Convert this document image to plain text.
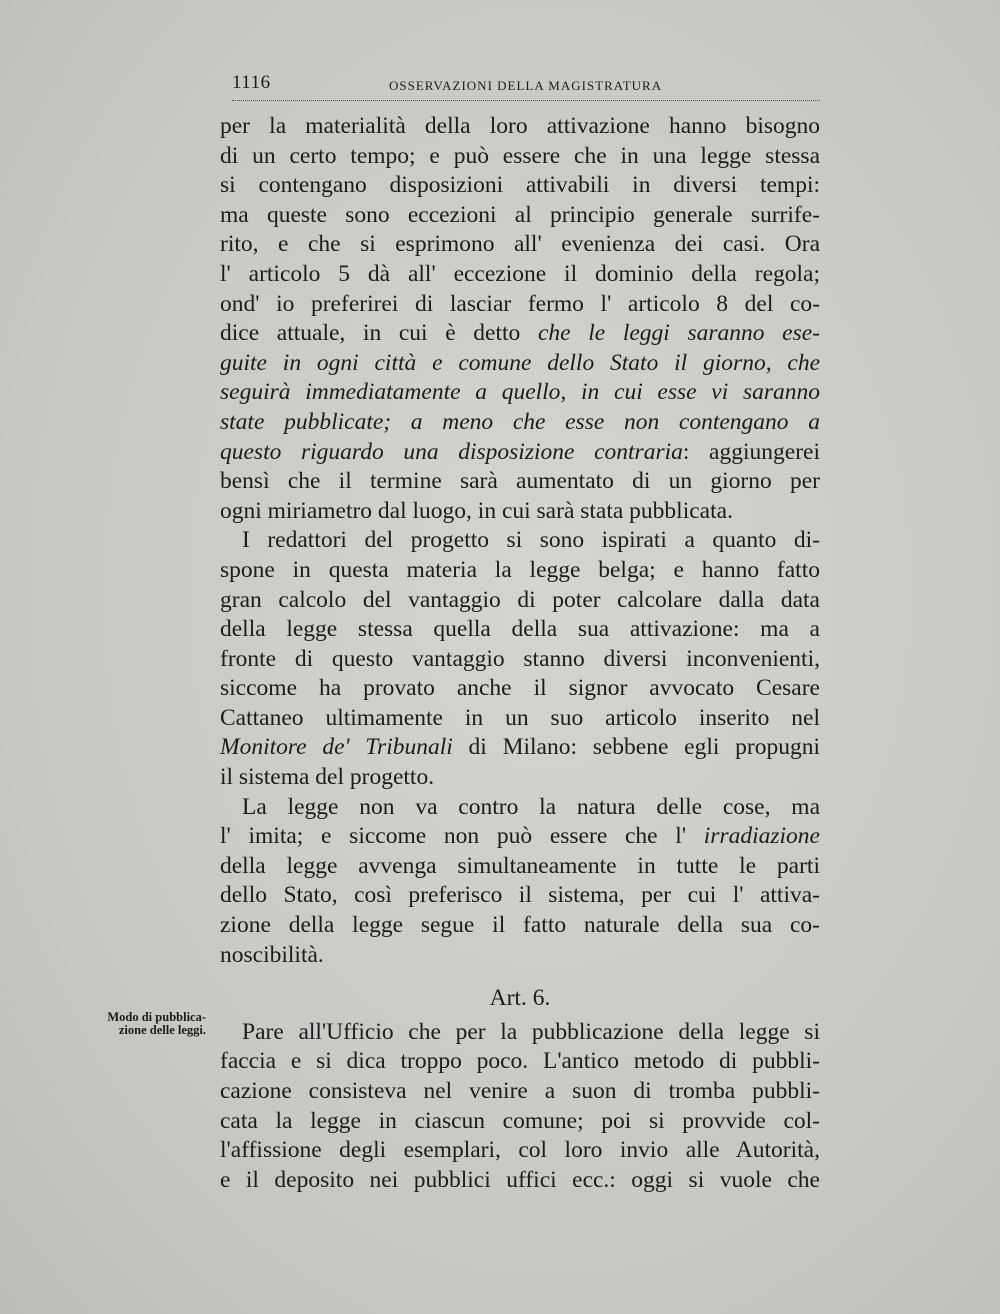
1116	OSSERVAZIONI DELLA MAGISTRATURA
Modo di pubblica-
zione delle leggi.
per la materialità della loro attivazione hanno bisogno
di un certo tempo; e può essere che in una legge stessa
si contengano disposizioni attivabili in diversi tempi:
ma queste sono eccezioni al principio generale surrife-
rito, e che si esprimono all' evenienza dei casi. Ora
l' articolo 5 dà all' eccezione il dominio della regola;
ond' io preferirei di lasciar fermo l' articolo 8 del co-
dice attuale, in cui è detto che le leggi saranno ese-
guite in ogni città e comune dello Stato il giorno, che
seguirà immediatamente a quello, in cui esse vi saranno
state pubblicate; a meno che esse non contengano a
questo riguardo una disposizione contraria: aggiungerei
bensì che il termine sarà aumentato di un giorno per
ogni miriametro dal luogo, in cui sarà stata pubblicata.
I redattori del progetto si sono ispirati a quanto di-
spone in questa materia la legge belga; e hanno fatto
gran calcolo del vantaggio di poter calcolare dalla data
della legge stessa quella della sua attivazione: ma a
fronte di questo vantaggio stanno diversi inconvenienti,
siccome ha provato anche il signor avvocato Cesare
Cattaneo ultimamente in un suo articolo inserito nel
Monitore de' Tribunali di Milano: sebbene egli propugni
il sistema del progetto.
La legge non va contro la natura delle cose, ma
l' imita; e siccome non può essere che l' irradiazione
della legge avvenga simultaneamente in tutte le parti
dello Stato, così preferisco il sistema, per cui l' attiva-
zione della legge segue il fatto naturale della sua co-
noscibilità.
Art. 6.
Pare all'Ufficio che per la pubblicazione della legge si
faccia e si dica troppo poco. L'antico metodo di pubbli-
cazione consisteva nel venire a suon di tromba pubbli-
cata la legge in ciascun comune; poi si provvide col-
l'affissione degli esemplari, col loro invio alle Autorità,
e il deposito nei pubblici uffici ecc.: oggi si vuole che
